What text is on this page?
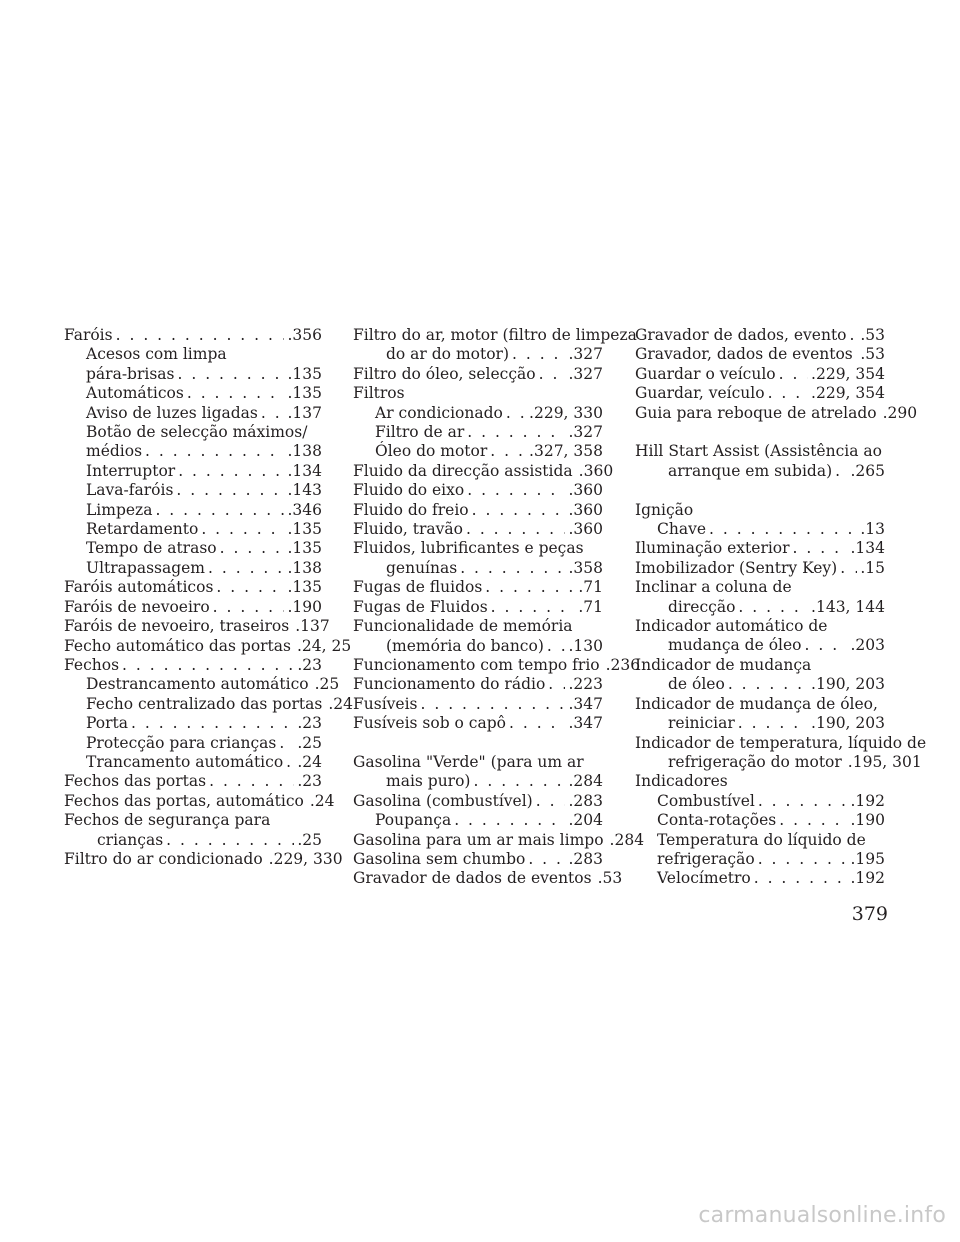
Faróis . . .	.356
Acesos com limpa
pára-brisas . . .	.135
Automáticos . . .	.135
Aviso de luzes ligadas . . . .137
Botão de selecção máximos/
médios . . .	.138
Interruptor . . .	.134
Lava-faróis . . .	.143
Limpeza . . .	.346
Retardamento . . .	.135
Tempo de atraso . . .	.135
Ultrapassagem . . .	.138
Faróis automáticos . . .	.135
Faróis de nevoeiro . . .	.190
Faróis de nevoeiro, traseiros .137
Fecho automático das portas .24, 25
Fechos . . .	.23
Destrancamento automático .25
Fecho centralizado das portas .24
Porta . . .	.23
Protecção para crianças . . . .25
Trancamento automático . . . .24
Fechos das portas . . .	.23
Fechos das portas, automático .24
Fechos de segurança para
crianças . . .	.25
Filtro do ar condicionado .229, 330
Filtro do ar, motor (filtro de limpeza
do ar do motor) . . .	.327
Filtro do óleo, selecção . . . .327
Filtros
Ar condicionado . . . .229, 330
Filtro de ar . . .	.327
Óleo do motor . . .	.327, 358
Fluido da direcção assistida .360
Fluido do eixo . . .	.360
Fluido do freio . . .	.360
Fluido, travão . . .	.360
Fluidos, lubrificantes e peças
genuínas . . .	.358
Fugas de fluidos . . .	.71
Fugas de Fluidos . . .	.71
Funcionalidade de memória
(memória do banco) . . . .130
Funcionamento com tempo frio .236
Funcionamento do rádio . . . .223
Fusíveis . . .	.347
Fusíveis sob o capô . . .	.347
Gasolina "Verde" (para um ar
mais puro) . . .	.284
Gasolina (combustível) . . . .283
Poupança . . .	.204
Gasolina para um ar mais limpo .284
Gasolina sem chumbo . . .	.283
Gravador de dados de eventos .53
Gravador de dados, evento . . . .53
Gravador, dados de eventos . . . .53
Guardar o veículo . . . .229, 354
Guardar, veículo . . .	.229, 354
Guia para reboque de atrelado .290
Hill Start Assist (Assistência ao
arranque em subida) . . . .265
Ignição
Chave . . .	.13
Iluminação exterior . . .	.134
Imobilizador (Sentry Key) . . . .15
Inclinar a coluna de
direcção . . .	.143, 144
Indicador automático de
mudança de óleo . . .	.203
Indicador de mudança
de óleo . . .	.190, 203
Indicador de mudança de óleo,
reiniciar . . .	.190, 203
Indicador de temperatura, líquido de
refrigeração do motor .195, 301
Indicadores
Combustível . . .	.192
Conta-rotações . . .	.190
Temperatura do líquido de
refrigeração . . .	.195
Velocímetro . . .	.192
379
carmanualsonline.info
